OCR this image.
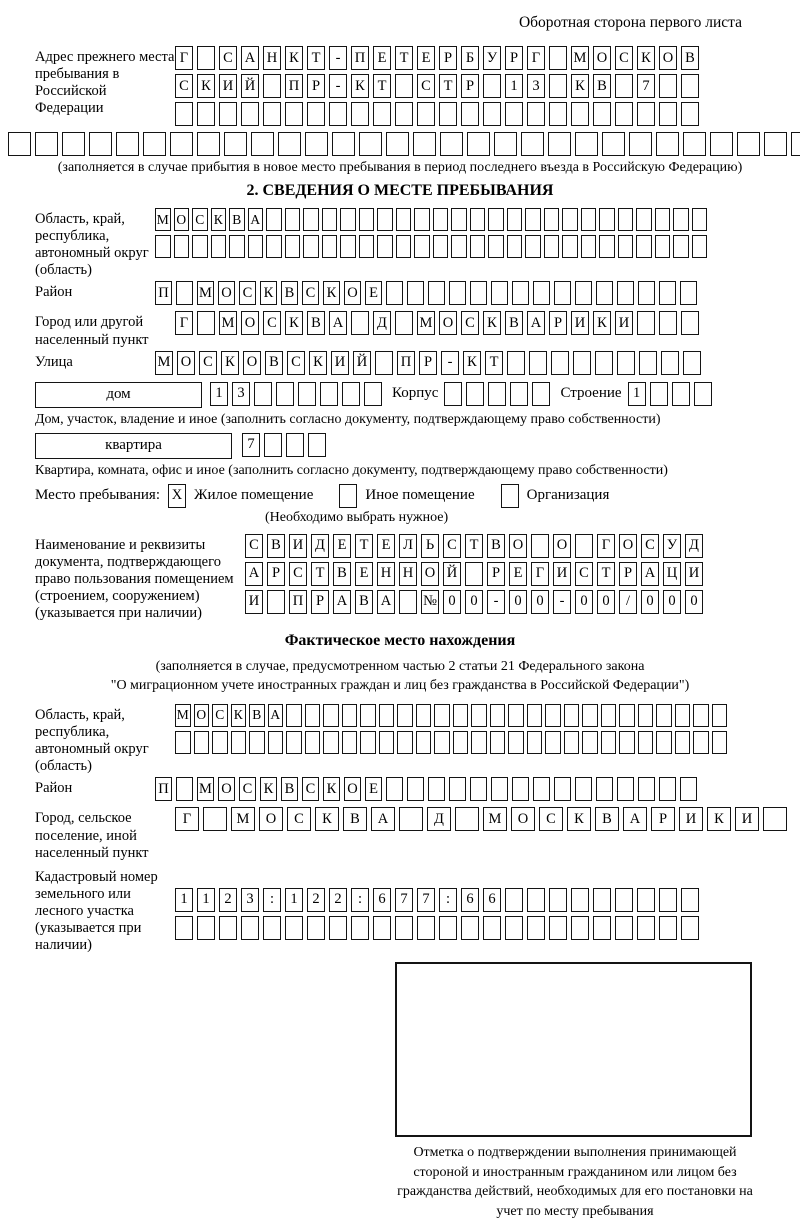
Оборотная сторона первого листа
Адрес прежнего места пребывания в Российской Федерации
Г	С А Н К Т	- П Е Т Е Р Б У Р Г	М О С К О В
С К И Й П Р	-	К Т	С Т Р	1	3	К В	7
(заполняется в случае прибытия в новое место пребывания в период последнего въезда в Российскую Федерацию)
2. СВЕДЕНИЯ О МЕСТЕ ПРЕБЫВАНИЯ
Область, край, республика, автономный округ (область)
М О С К В А
Район	П М О С К В С К О Е
Город или другой населенный пункт
Г	М О С К В А Д М О С К В А Р И К И
Улица	М О С К О В С К И Й П Р	-	К Т
дом	1	3	Корпус	Строение 1
Дом, участок, владение и иное (заполнить согласно документу, подтверждающему право собственности)
квартира	7
Квартира, комната, офис и иное (заполнить согласно документу, подтверждающему право собственности)
Место пребывания: X Жилое помещение	Иное помещение	Организация
(Необходимо выбрать нужное)
Наименование и реквизиты документа, подтверждающего право пользования помещением (строением, сооружением) (указывается при наличии)
С В И Д Е Т Е Л Ь С Т В О О	Г О С У Д
А Р С Т В Е Н Н О Й	Р Е Г И С Т Р А Ц И
И П Р А В А № 0	0	-	0	0	-	0	0	/	0	0	0
Фактическое место нахождения
(заполняется в случае, предусмотренном частью 2 статьи 21 Федерального закона
"О миграционном учете иностранных граждан и лиц без гражданства в Российской Федерации")
Область, край, республика, автономный округ (область)
М О С К В А
Район	П М О С К В С К О Е
Город, сельское поселение, иной населенный пункт
Г	М	О	С	К	В	А	Д	М	О	С	К	В	А	Р	И	К	И
Кадастровый номер земельного или лесного участка (указывается при наличии)
1	1	2	3	:	1	2	2	:	6	7	7	:	6	6
Отметка о подтверждении выполнения принимающей стороной и иностранным гражданином или лицом без гражданства действий, необходимых для его постановки на учет по месту пребывания
